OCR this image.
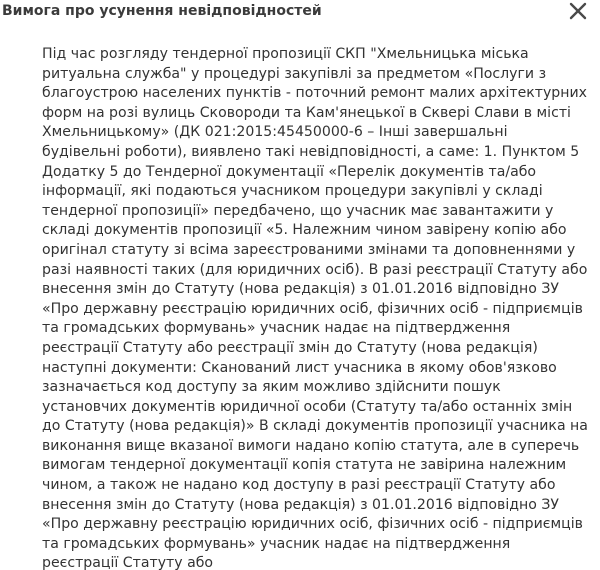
Вимога про усунення невідповідностей

Під час розгляду тендерної пропозиції СКП "Хмельницька міська ритуальна служба" у процедурі закупівлі за предметом «Послуги з благоустрою населених пунктів - поточний ремонт малих архітектурних форм на розі вулиць Сковороди та Кам'янецької в Сквері Слави в місті Хмельницькому» (ДК 021:2015:45450000-6 – Інші завершальні будівельні роботи), виявлено такі невідповідності, а саме: 1. Пунктом 5 Додатку 5 до Тендерної документації «Перелік документів та/або інформації, які подаються учасником процедури закупівлі у складі тендерної пропозиції» передбачено, що учасник має завантажити у складі документів пропозиції «5. Належним чином завірену копію або оригінал статуту зі всіма зареєстрованими змінами та доповненнями у разі наявності таких (для юридичних осіб). В разі реєстрації Статуту або внесення змін до Статуту (нова редакція) з 01.01.2016 відповідно ЗУ «Про державну реєстрацію юридичних осіб, фізичних осіб - підприємців та громадських формувань» учасник надає на підтвердження реєстрації Статуту або реєстрації змін до Статуту (нова редакція) наступні документи: Сканований лист учасника в якому обов'язково зазначається код доступу за яким можливо здійснити пошук установчих документів юридичної особи (Статуту та/або останніх змін до Статуту (нова редакція)» В складі документів пропозиції учасника на виконання вище вказаної вимоги надано копію статута, але в суперечь вимогам тендерної документації копія статута не завірина належним чином, а також не надано код доступу в разі реєстрації Статуту або внесення змін до Статуту (нова редакція) з 01.01.2016 відповідно ЗУ «Про державну реєстрацію юридичних осіб, фізичних осіб - підприємців та громадських формувань» учасник надає на підтвердження реєстрації Статуту або
